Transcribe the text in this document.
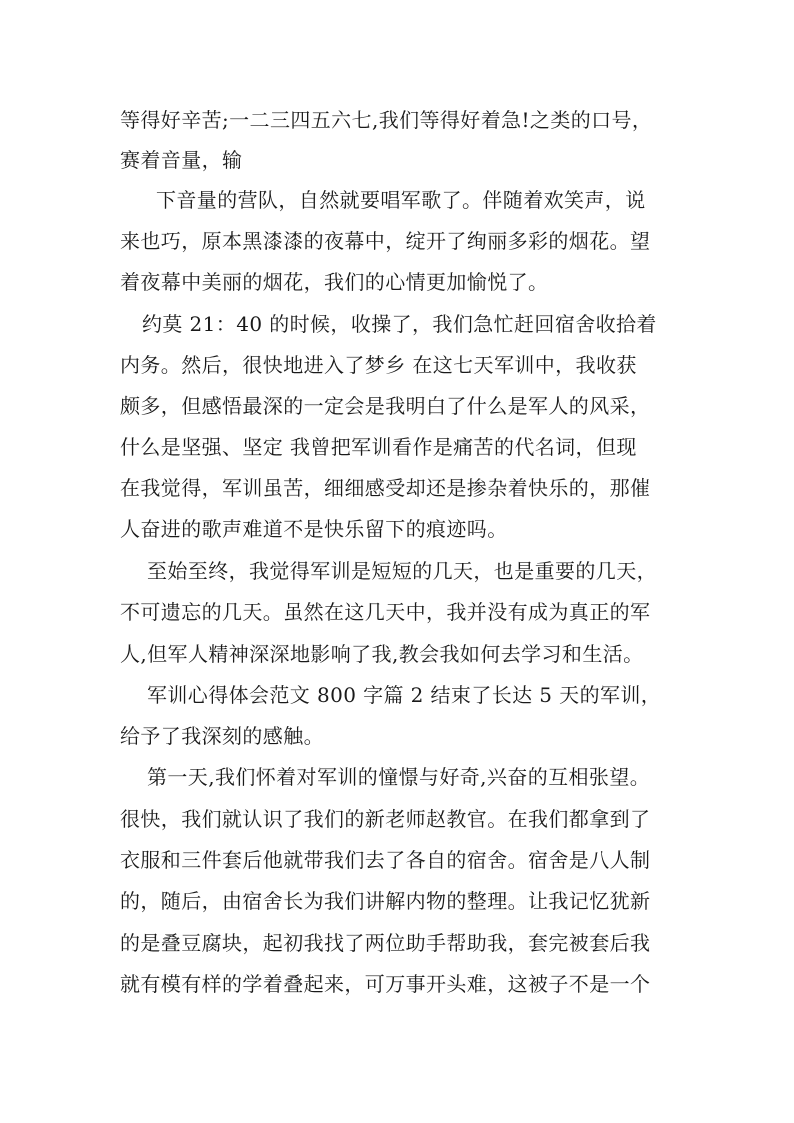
等得好辛苦;一二三四五六七,我们等得好着急!之类的口号，
赛着音量，输
下音量的营队，自然就要唱军歌了。伴随着欢笑声，说
来也巧，原本黑漆漆的夜幕中，绽开了绚丽多彩的烟花。望
着夜幕中美丽的烟花，我们的心情更加愉悦了。
约莫 21：40 的时候，收操了，我们急忙赶回宿舍收拾着
内务。然后，很快地进入了梦乡 在这七天军训中，我收获
颇多，但感悟最深的一定会是我明白了什么是军人的风采，
什么是坚强、坚定 我曾把军训看作是痛苦的代名词，但现
在我觉得，军训虽苦，细细感受却还是掺杂着快乐的，那催
人奋进的歌声难道不是快乐留下的痕迹吗。
至始至终，我觉得军训是短短的几天，也是重要的几天，
不可遗忘的几天。虽然在这几天中，我并没有成为真正的军
人,但军人精神深深地影响了我,教会我如何去学习和生活。
军训心得体会范文 800 字篇 2 结束了长达 5 天的军训，
给予了我深刻的感触。
第一天,我们怀着对军训的憧憬与好奇,兴奋的互相张望。
很快，我们就认识了我们的新老师赵教官。在我们都拿到了
衣服和三件套后他就带我们去了各自的宿舍。宿舍是八人制
的，随后，由宿舍长为我们讲解内物的整理。让我记忆犹新
的是叠豆腐块，起初我找了两位助手帮助我，套完被套后我
就有模有样的学着叠起来，可万事开头难，这被子不是一个
